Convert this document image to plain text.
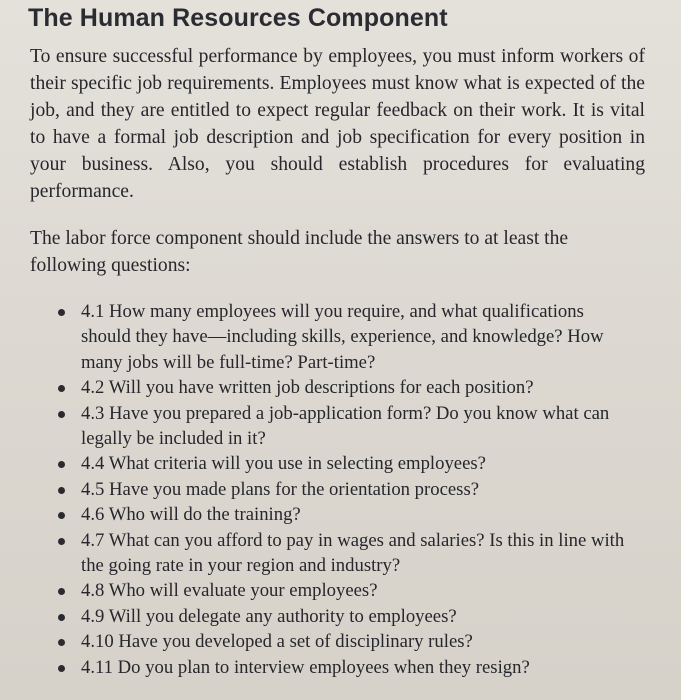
The Human Resources Component

To ensure successful performance by employees, you must inform workers of their specific job requirements. Employees must know what is expected of the job, and they are entitled to expect regular feedback on their work. It is vital to have a formal job description and job specification for every position in your business. Also, you should establish procedures for evaluating performance.

The labor force component should include the answers to at least the following questions:

4.1 How many employees will you require, and what qualifications should they have—including skills, experience, and knowledge? How many jobs will be full-time? Part-time?
4.2 Will you have written job descriptions for each position?
4.3 Have you prepared a job-application form? Do you know what can legally be included in it?
4.4 What criteria will you use in selecting employees?
4.5 Have you made plans for the orientation process?
4.6 Who will do the training?
4.7 What can you afford to pay in wages and salaries? Is this in line with the going rate in your region and industry?
4.8 Who will evaluate your employees?
4.9 Will you delegate any authority to employees?
4.10 Have you developed a set of disciplinary rules?
4.11 Do you plan to interview employees when they resign?
